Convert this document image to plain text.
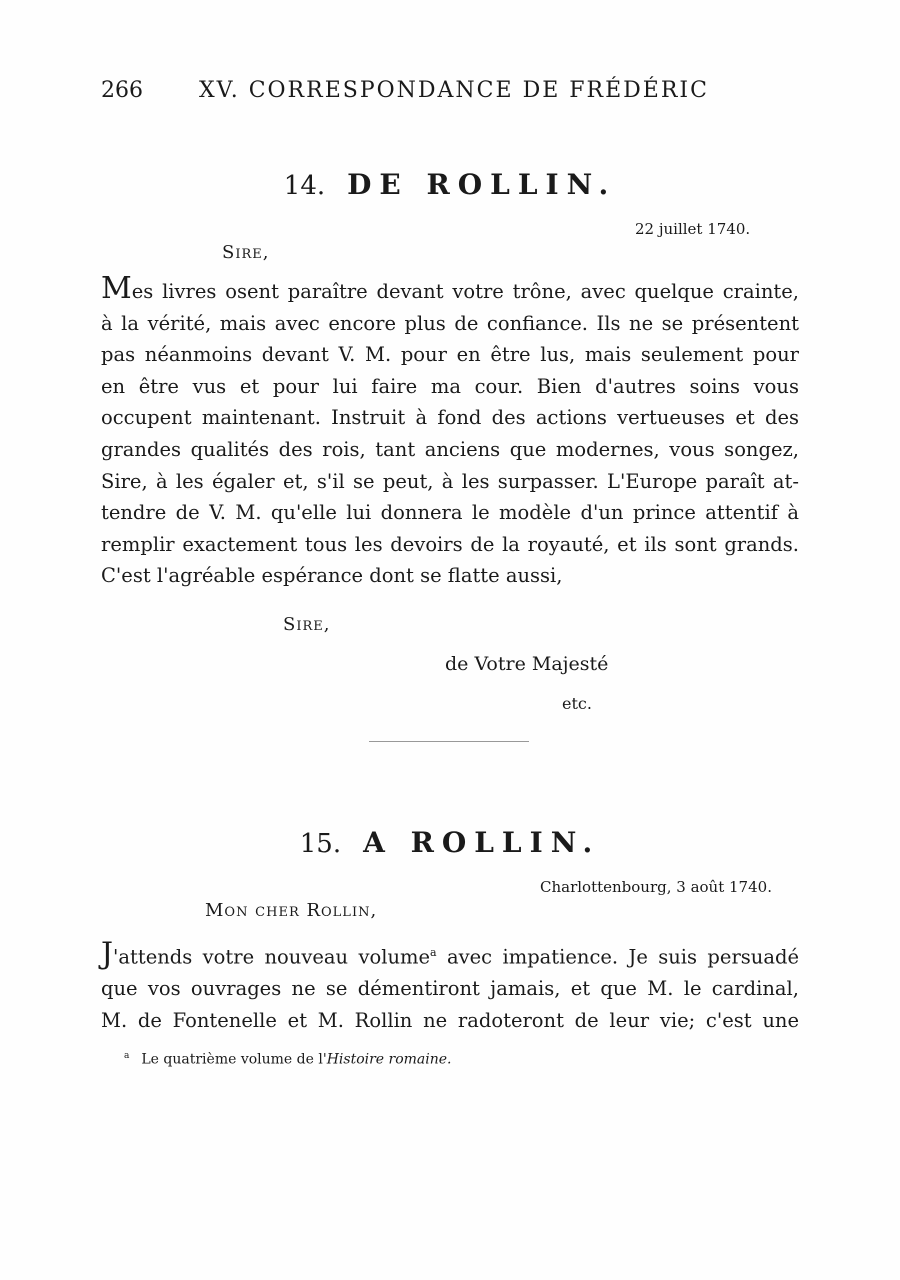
266	XV. CORRESPONDANCE DE FRÉDÉRIC
14. DE ROLLIN.
22 juillet 1740.
Sire,
Mes livres osent paraître devant votre trône, avec quelque crainte,
à la vérité, mais avec encore plus de confiance. Ils ne se présentent
pas néanmoins devant V. M. pour en être lus, mais seulement pour
en être vus et pour lui faire ma cour. Bien d'autres soins vous
occupent maintenant. Instruit à fond des actions vertueuses et des
grandes qualités des rois, tant anciens que modernes, vous songez,
Sire, à les égaler et, s'il se peut, à les surpasser. L'Europe paraît at-
tendre de V. M. qu'elle lui donnera le modèle d'un prince attentif à
remplir exactement tous les devoirs de la royauté, et ils sont grands.
C'est l'agréable espérance dont se flatte aussi,
Sire,
de Votre Majesté
etc.
15. A ROLLIN.
Charlottenbourg, 3 août 1740.
Mon cher Rollin,
J'attends votre nouveau volume$^a$ avec impatience. Je suis persuadé
que vos ouvrages ne se démentiront jamais, et que M. le cardinal,
M. de Fontenelle et M. Rollin ne radoteront de leur vie; c'est une
$^a$ Le quatrième volume de l'Histoire romaine.
